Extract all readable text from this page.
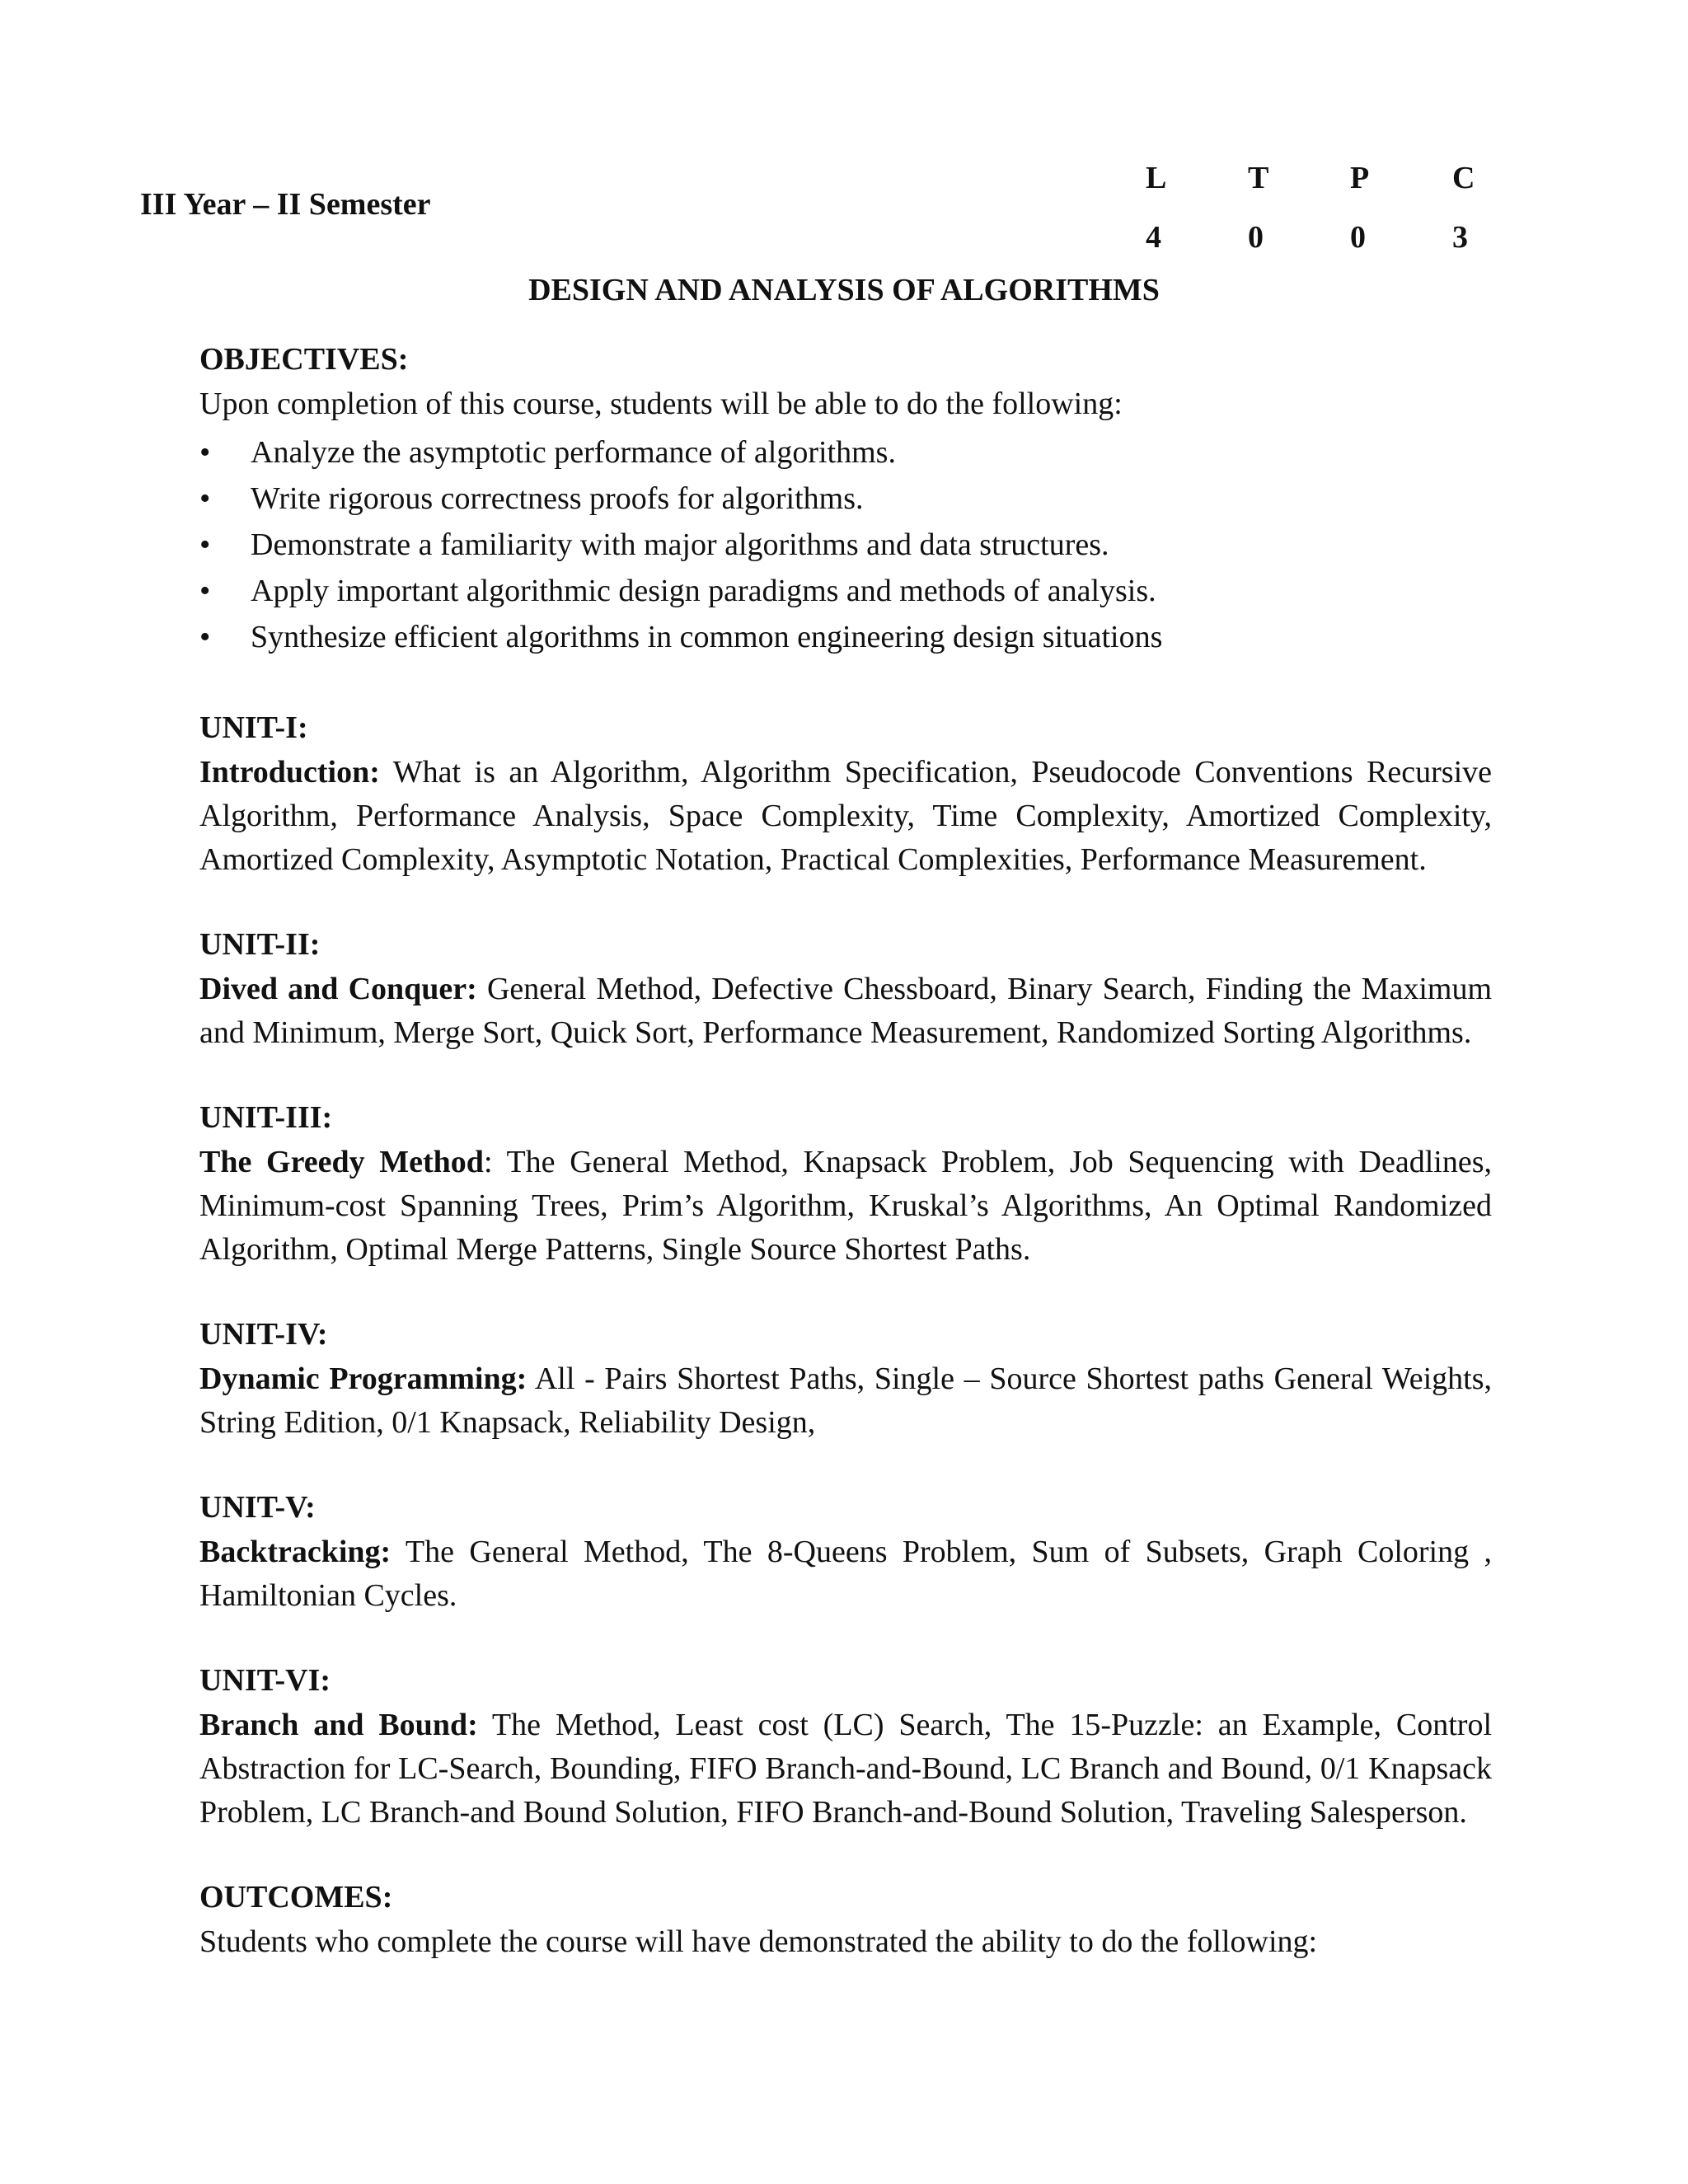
III Year – II Semester

L	T	P	C
4	0	0	3

DESIGN AND ANALYSIS OF ALGORITHMS

OBJECTIVES:

Upon completion of this course, students will be able to do the following:

• Analyze the asymptotic performance of algorithms.
• Write rigorous correctness proofs for algorithms.
• Demonstrate a familiarity with major algorithms and data structures.
• Apply important algorithmic design paradigms and methods of analysis.
• Synthesize efficient algorithms in common engineering design situations

UNIT-I:

Introduction: What is an Algorithm, Algorithm Specification, Pseudocode Conventions Recursive Algorithm, Performance Analysis, Space Complexity, Time Complexity, Amortized Complexity, Amortized Complexity, Asymptotic Notation, Practical Complexities, Performance Measurement.

UNIT-II:

Dived and Conquer: General Method, Defective Chessboard, Binary Search, Finding the Maximum and Minimum, Merge Sort, Quick Sort, Performance Measurement, Randomized Sorting Algorithms.

UNIT-III:

The Greedy Method: The General Method, Knapsack Problem, Job Sequencing with Deadlines, Minimum-cost Spanning Trees, Prim’s Algorithm, Kruskal’s Algorithms, An Optimal Randomized Algorithm, Optimal Merge Patterns, Single Source Shortest Paths.

UNIT-IV:

Dynamic Programming: All - Pairs Shortest Paths, Single – Source Shortest paths General Weights, String Edition, 0/1 Knapsack, Reliability Design,

UNIT-V:

Backtracking: The General Method, The 8-Queens Problem, Sum of Subsets, Graph Coloring , Hamiltonian Cycles.

UNIT-VI:

Branch and Bound: The Method, Least cost (LC) Search, The 15-Puzzle: an Example, Control Abstraction for LC-Search, Bounding, FIFO Branch-and-Bound, LC Branch and Bound, 0/1 Knapsack Problem, LC Branch-and Bound Solution, FIFO Branch-and-Bound Solution, Traveling Salesperson.

OUTCOMES:

Students who complete the course will have demonstrated the ability to do the following:
